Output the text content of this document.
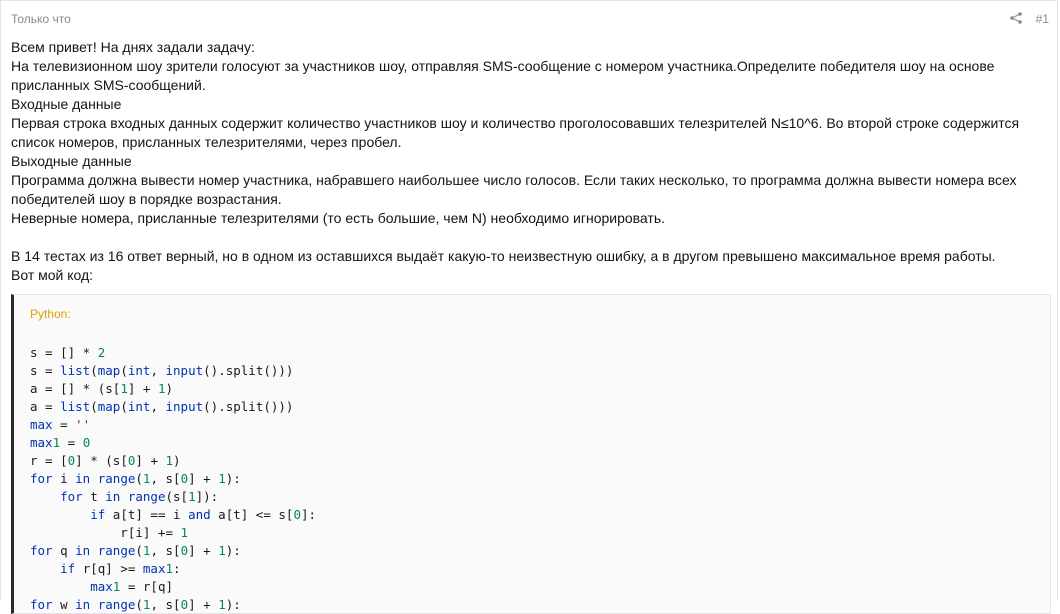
Только что	#1

Всем привет! На днях задали задачу:

На телевизионном шоу зрители голосуют за участников шоу, отправляя SMS-сообщение с номером участника.Определите победителя шоу на основе присланных SMS-сообщений.

Входные данные

Первая строка входных данных содержит количество участников шоу и количество проголосовавших телезрителей N≤10^6. Во второй строке содержится список номеров, присланных телезрителями, через пробел.

Выходные данные

Программа должна вывести номер участника, набравшего наибольшее число голосов. Если таких несколько, то программа должна вывести номера всех победителей шоу в порядке возрастания.

Неверные номера, присланные телезрителями (то есть большие, чем N) необходимо игнорировать.

В 14 тестах из 16 ответ верный, но в одном из оставшихся выдаёт какую-то неизвестную ошибку, а в другом превышено максимальное время работы.

Вот мой код:

Python:
s = [] * 2
s = list(map(int, input().split()))
a = [] * (s[1] + 1)
a = list(map(int, input().split()))
max = ''
max1 = 0
r = [0] * (s[0] + 1)
for i in range(1, s[0] + 1):
for t in range(s[1]):
if a[t] == i and a[t] <= s[0]:
r[i] += 1
for q in range(1, s[0] + 1):
if r[q] >= max1:
max1 = r[q]
for w in range(1, s[0] + 1):
